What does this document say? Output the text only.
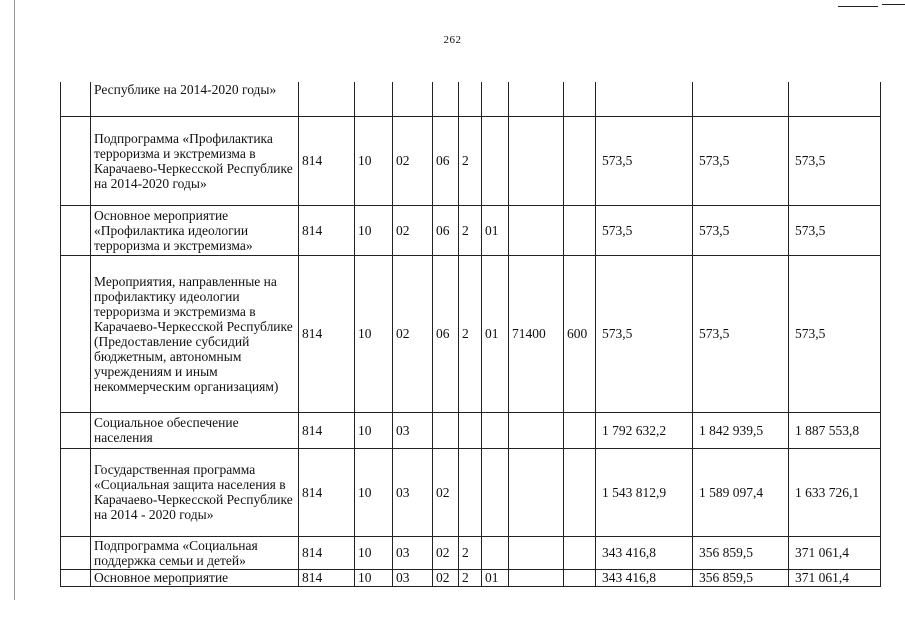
262
	Республике на 2014-2020 годы»											
	Подпрограмма «Профилактика терроризма и экстремизма в Карачаево-Черкесской Республике на 2014-2020 годы»	814	10	02	06	2				573,5	573,5	573,5
	Основное мероприятие «Профилактика идеологии терроризма и экстремизма»	814	10	02	06	2	01			573,5	573,5	573,5
	Мероприятия, направленные на профилактику идеологии терроризма и экстремизма в Карачаево-Черкесской Республике (Предоставление субсидий бюджетным, автономным учреждениям и иным некоммерческим организациям)	814	10	02	06	2	01	71400	600	573,5	573,5	573,5
	Социальное обеспечение населения	814	10	03						1 792 632,2	1 842 939,5	1 887 553,8
	Государственная программа «Социальная защита населения в Карачаево-Черкесской Республике на 2014 - 2020 годы»	814	10	03	02					1 543 812,9	1 589 097,4	1 633 726,1
	Подпрограмма «Социальная поддержка семьи и детей»	814	10	03	02	2				343 416,8	356 859,5	371 061,4
	Основное мероприятие	814	10	03	02	2	01			343 416,8	356 859,5	371 061,4
